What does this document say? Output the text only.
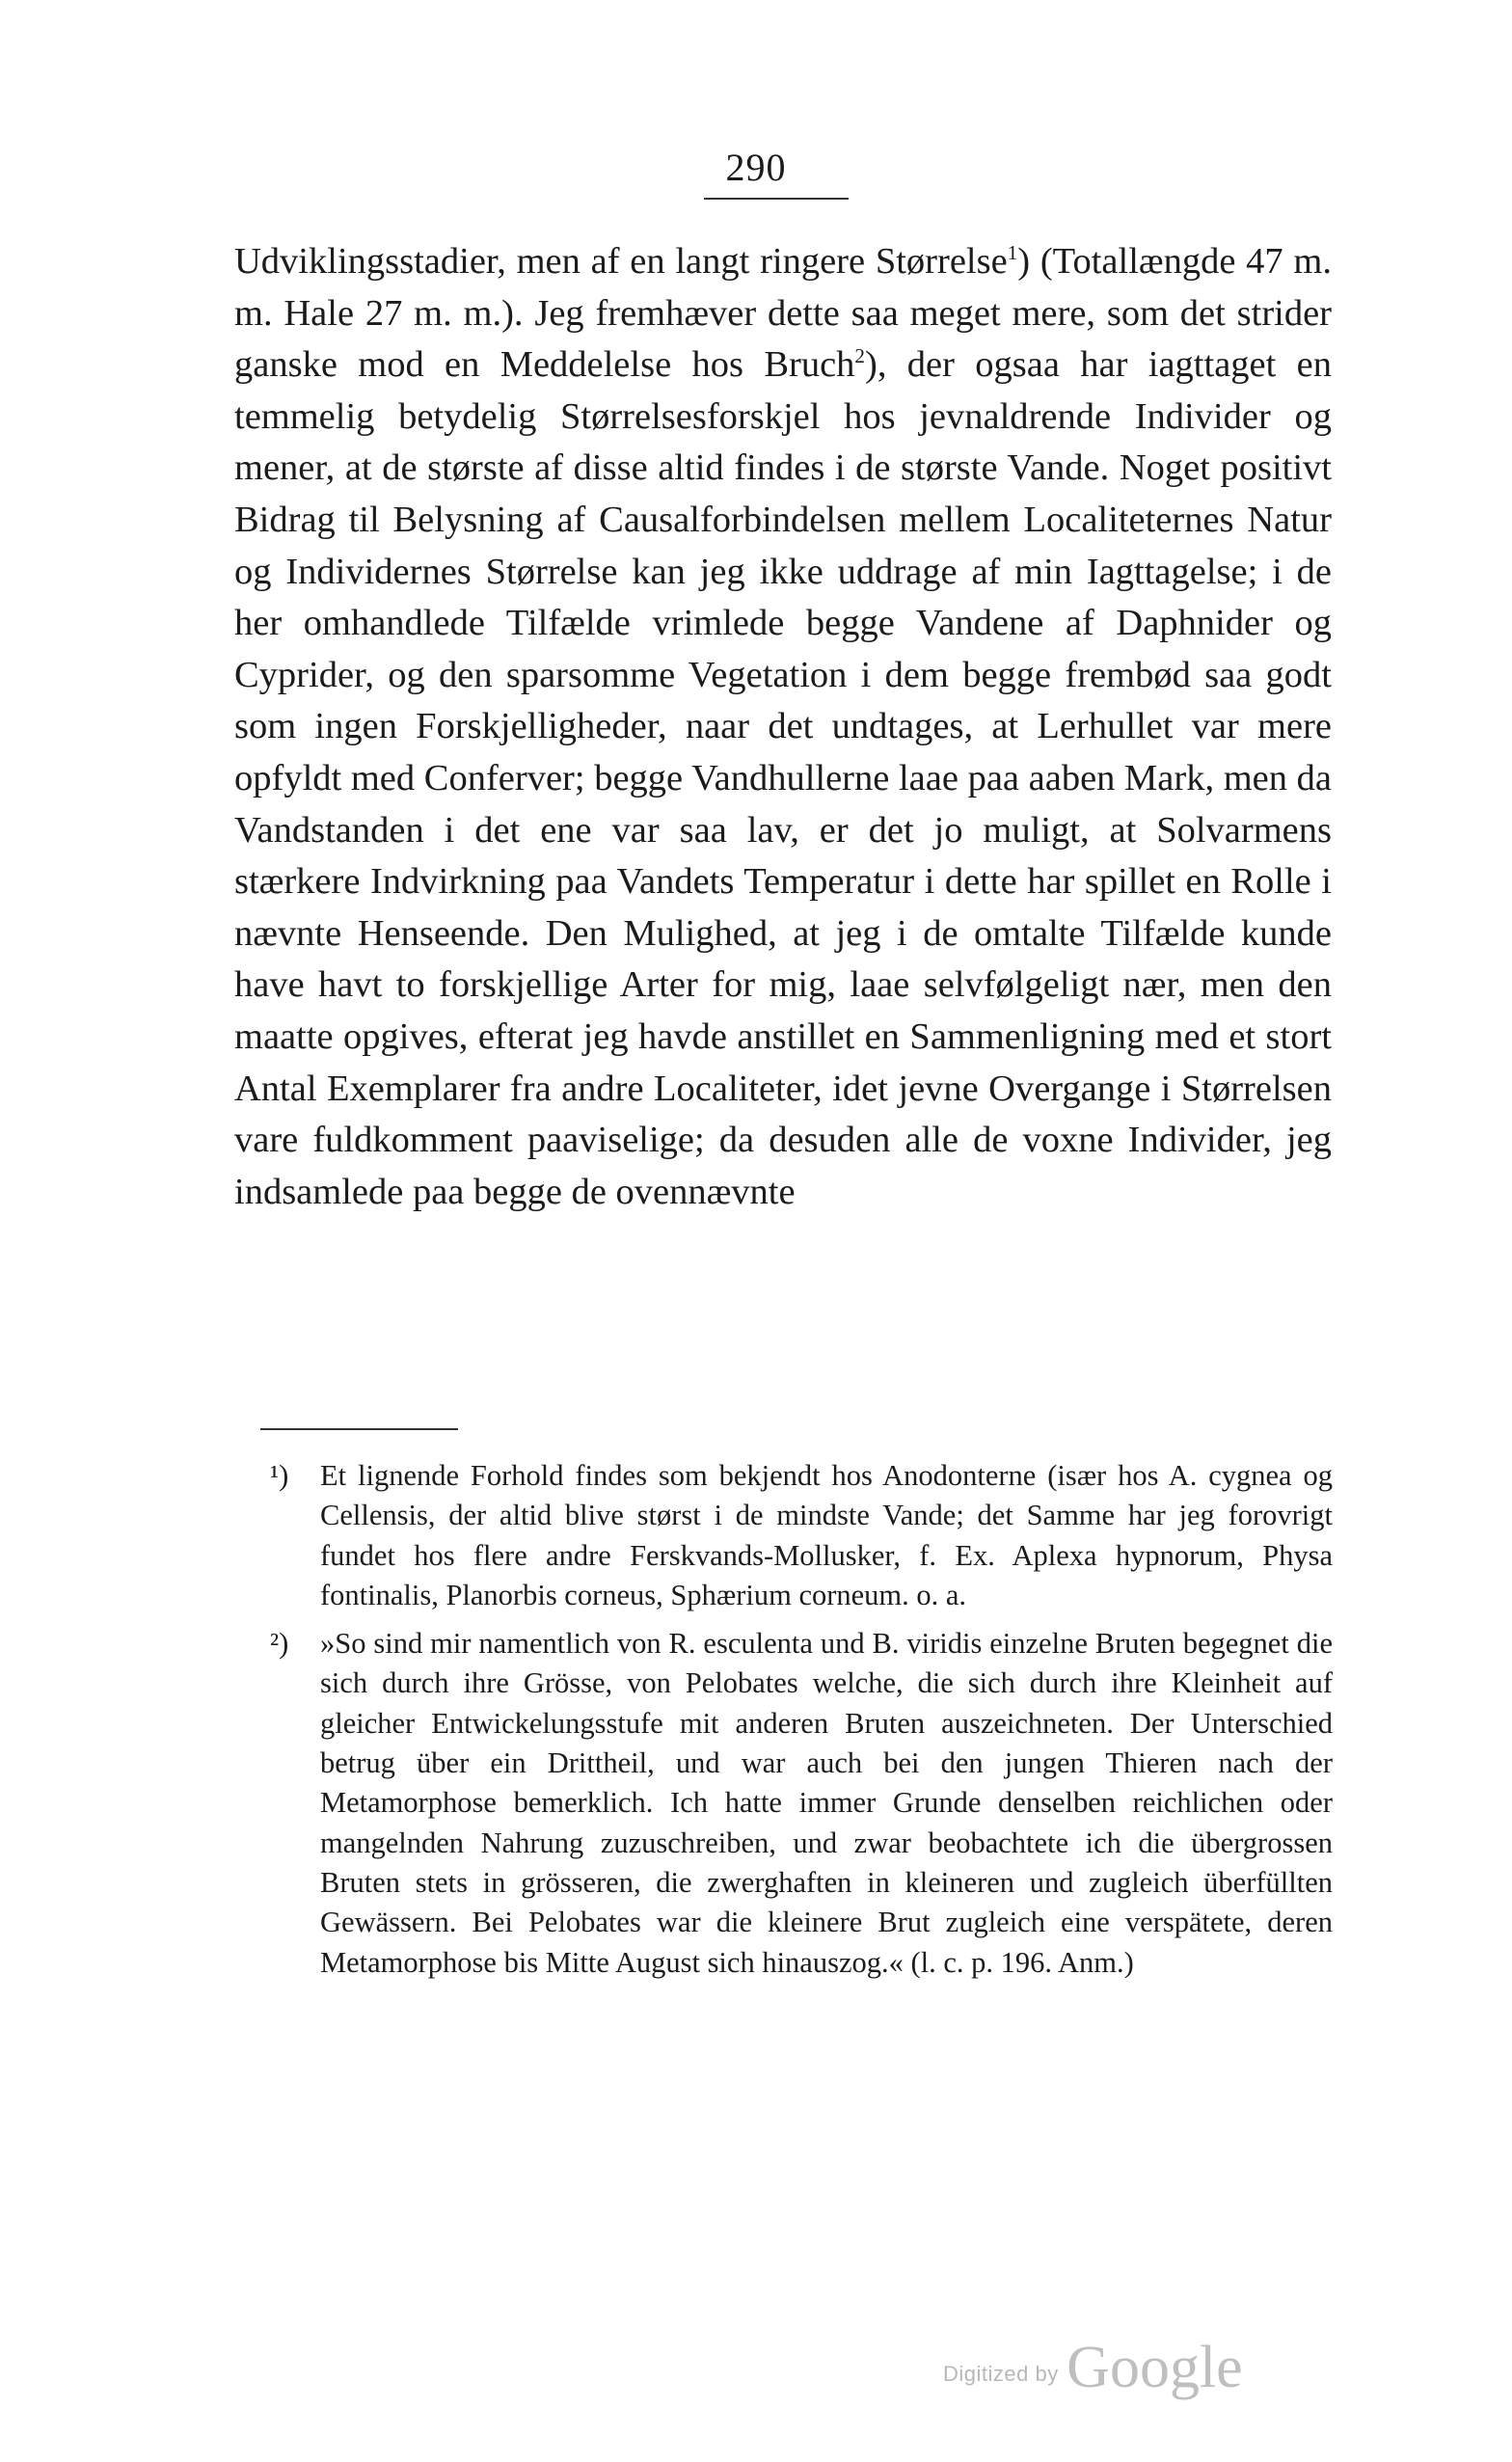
290
Udviklingsstadier, men af en langt ringere Størrelse$^1$) (Totallængde 47 m. m. Hale 27 m. m.). Jeg fremhæver dette saa meget mere, som det strider ganske mod en Meddelelse hos Bruch$^2$), der ogsaa har iagttaget en temmelig betydelig Størrelsesforskjel hos jevnaldrende Individer og mener, at de største af disse altid findes i de største Vande. Noget positivt Bidrag til Belysning af Causalforbindelsen mellem Localiteternes Natur og Individernes Størrelse kan jeg ikke uddrage af min Iagttagelse; i de her omhandlede Tilfælde vrimlede begge Vandene af Daphnider og Cyprider, og den sparsomme Vegetation i dem begge frembød saa godt som ingen Forskjelligheder, naar det undtages, at Lerhullet var mere opfyldt med Conferver; begge Vandhullerne laae paa aaben Mark, men da Vandstanden i det ene var saa lav, er det jo muligt, at Solvarmens stærkere Indvirkning paa Vandets Temperatur i dette har spillet en Rolle i nævnte Henseende. Den Mulighed, at jeg i de omtalte Tilfælde kunde have havt to forskjellige Arter for mig, laae selvfølgeligt nær, men den maatte opgives, efterat jeg havde anstillet en Sammenligning med et stort Antal Exemplarer fra andre Localiteter, idet jevne Overgange i Størrelsen vare fuldkomment paaviselige; da desuden alle de voxne Individer, jeg indsamlede paa begge de ovennævnte
¹) Et lignende Forhold findes som bekjendt hos Anodonterne (især hos A. cygnea og Cellensis, der altid blive størst i de mindste Vande; det Samme har jeg forovrigt fundet hos flere andre Ferskvands-Mollusker, f. Ex. Aplexa hypnorum, Physa fontinalis, Planorbis corneus, Sphærium corneum. o. a.
²) »So sind mir namentlich von R. esculenta und B. viridis einzelne Bruten begegnet die sich durch ihre Grösse, von Pelobates welche, die sich durch ihre Kleinheit auf gleicher Entwickelungsstufe mit anderen Bruten auszeichneten. Der Unterschied betrug über ein Drittheil, und war auch bei den jungen Thieren nach der Metamorphose bemerklich. Ich hatte immer Grunde denselben reichlichen oder mangelnden Nahrung zuzuschreiben, und zwar beobachtete ich die übergrossen Bruten stets in grösseren, die zwerghaften in kleineren und zugleich überfüllten Gewässern. Bei Pelobates war die kleinere Brut zugleich eine verspätete, deren Metamorphose bis Mitte August sich hinauszog.« (l. c. p. 196. Anm.)
Digitized by Google
